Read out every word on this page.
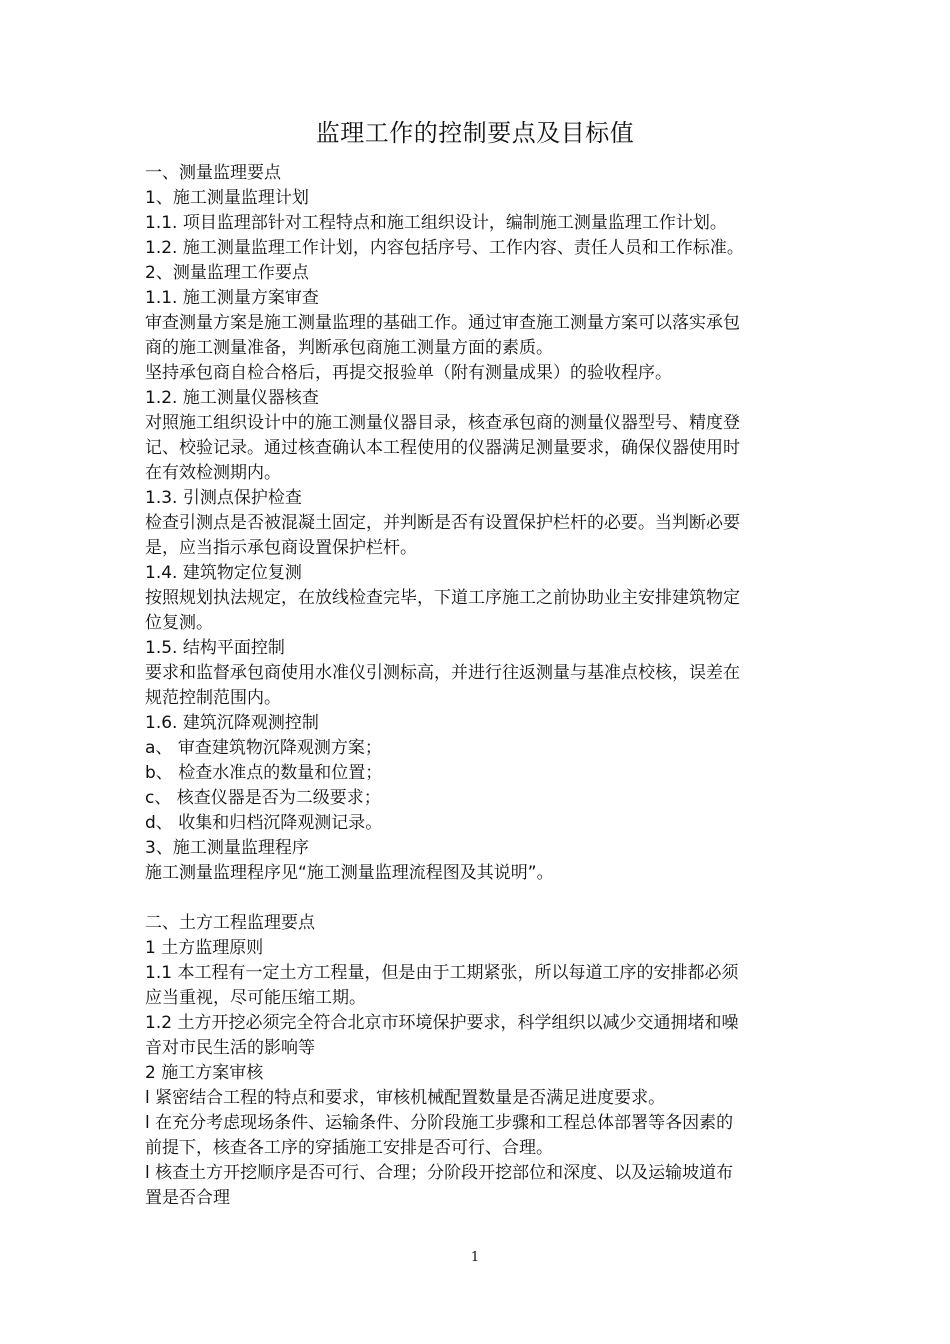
监理工作的控制要点及目标值
一、测量监理要点
1、施工测量监理计划
1.1. 项目监理部针对工程特点和施工组织设计，编制施工测量监理工作计划。
1.2. 施工测量监理工作计划，内容包括序号、工作内容、责任人员和工作标准。
2、测量监理工作要点
1.1. 施工测量方案审查
审查测量方案是施工测量监理的基础工作。通过审查施工测量方案可以落实承包
商的施工测量准备，判断承包商施工测量方面的素质。
坚持承包商自检合格后，再提交报验单（附有测量成果）的验收程序。
1.2. 施工测量仪器核查
对照施工组织设计中的施工测量仪器目录，核查承包商的测量仪器型号、精度登
记、校验记录。通过核查确认本工程使用的仪器满足测量要求，确保仪器使用时
在有效检测期内。
1.3. 引测点保护检查
检查引测点是否被混凝土固定，并判断是否有设置保护栏杆的必要。当判断必要
是，应当指示承包商设置保护栏杆。
1.4. 建筑物定位复测
按照规划执法规定，在放线检查完毕，下道工序施工之前协助业主安排建筑物定
位复测。
1.5. 结构平面控制
要求和监督承包商使用水准仪引测标高，并进行往返测量与基准点校核，误差在
规范控制范围内。
1.6. 建筑沉降观测控制
a、 审查建筑物沉降观测方案；
b、 检查水准点的数量和位置；
c、 核查仪器是否为二级要求；
d、 收集和归档沉降观测记录。
3、施工测量监理程序
施工测量监理程序见“施工测量监理流程图及其说明”。
二、土方工程监理要点
1 土方监理原则
1.1 本工程有一定土方工程量，但是由于工期紧张，所以每道工序的安排都必须
应当重视，尽可能压缩工期。
1.2 土方开挖必须完全符合北京市环境保护要求，科学组织以减少交通拥堵和噪
音对市民生活的影响等
2 施工方案审核
l 紧密结合工程的特点和要求，审核机械配置数量是否满足进度要求。
l 在充分考虑现场条件、运输条件、分阶段施工步骤和工程总体部署等各因素的
前提下，核查各工序的穿插施工安排是否可行、合理。
l 核查土方开挖顺序是否可行、合理；分阶段开挖部位和深度、以及运输坡道布
置是否合理
1
